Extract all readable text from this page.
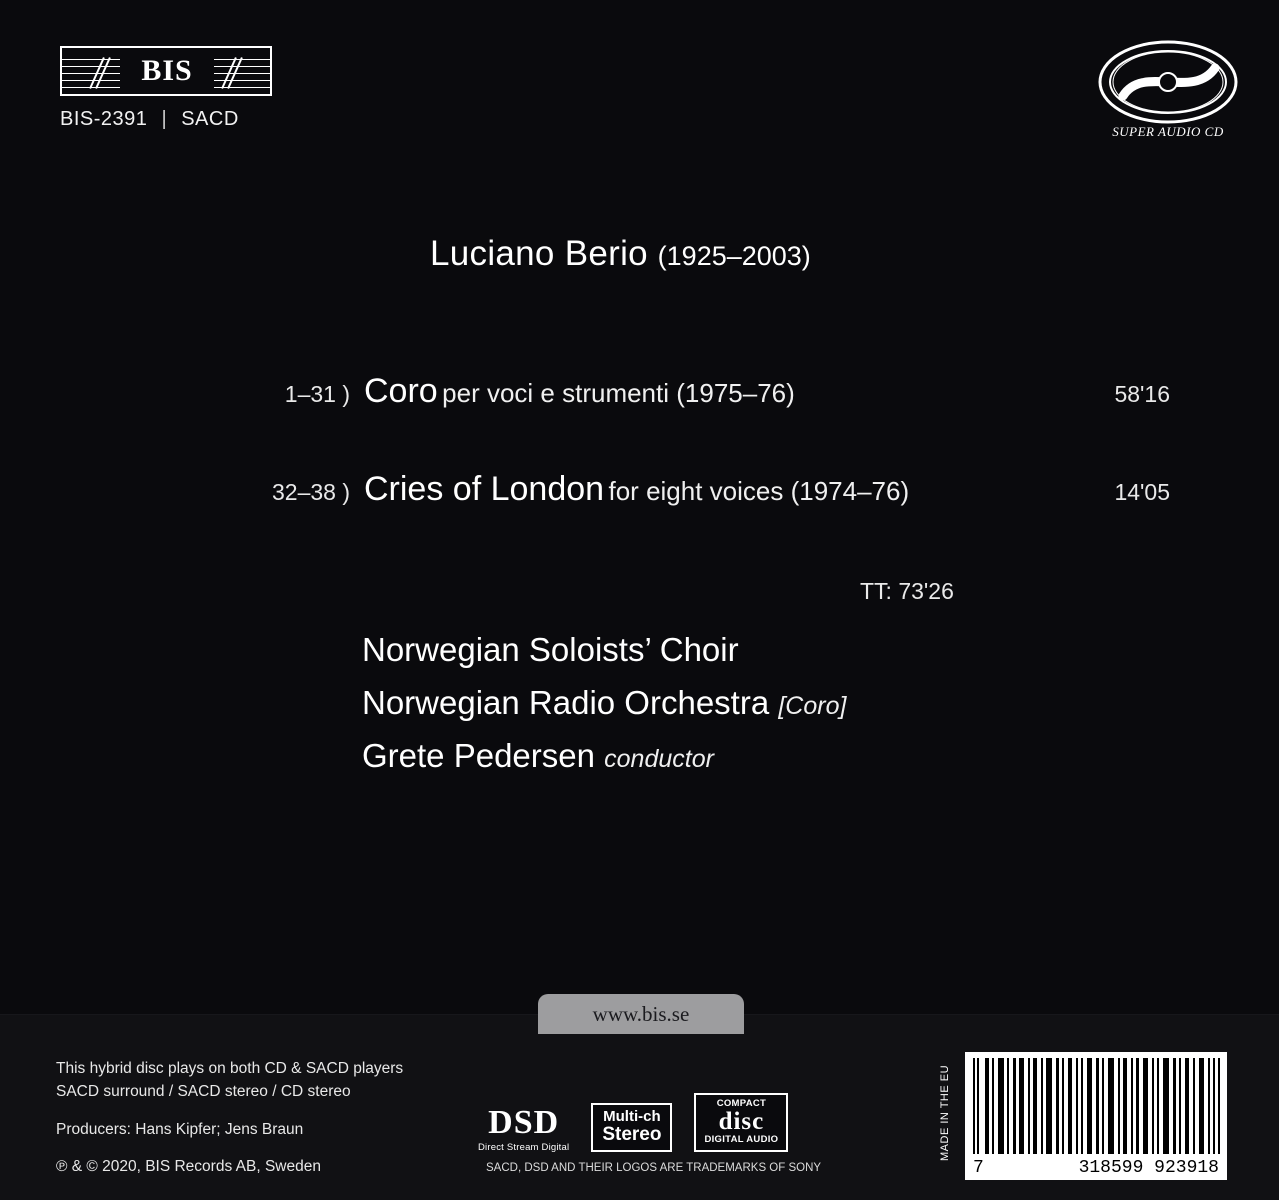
BIS
BIS-2391 | SACD
SUPER AUDIO CD
Luciano Berio (1925–2003)
1–31 ) Coro per voci e strumenti (1975–76)	58'16
32–38 ) Cries of London for eight voices (1974–76)	14'05
TT: 73'26
Norwegian Soloists’ Choir
Norwegian Radio Orchestra [Coro]
Grete Pedersen conductor
www.bis.se
This hybrid disc plays on both CD & SACD players
SACD surround / SACD stereo / CD stereo
Producers: Hans Kipfer; Jens Braun
℗ & © 2020, BIS Records AB, Sweden
DSD
Direct Stream Digital
Multi-ch
Stereo
COMPACT
disc
DIGITAL AUDIO
SACD, DSD AND THEIR LOGOS ARE TRADEMARKS OF SONY
MADE IN THE EU
7	318599 923918
